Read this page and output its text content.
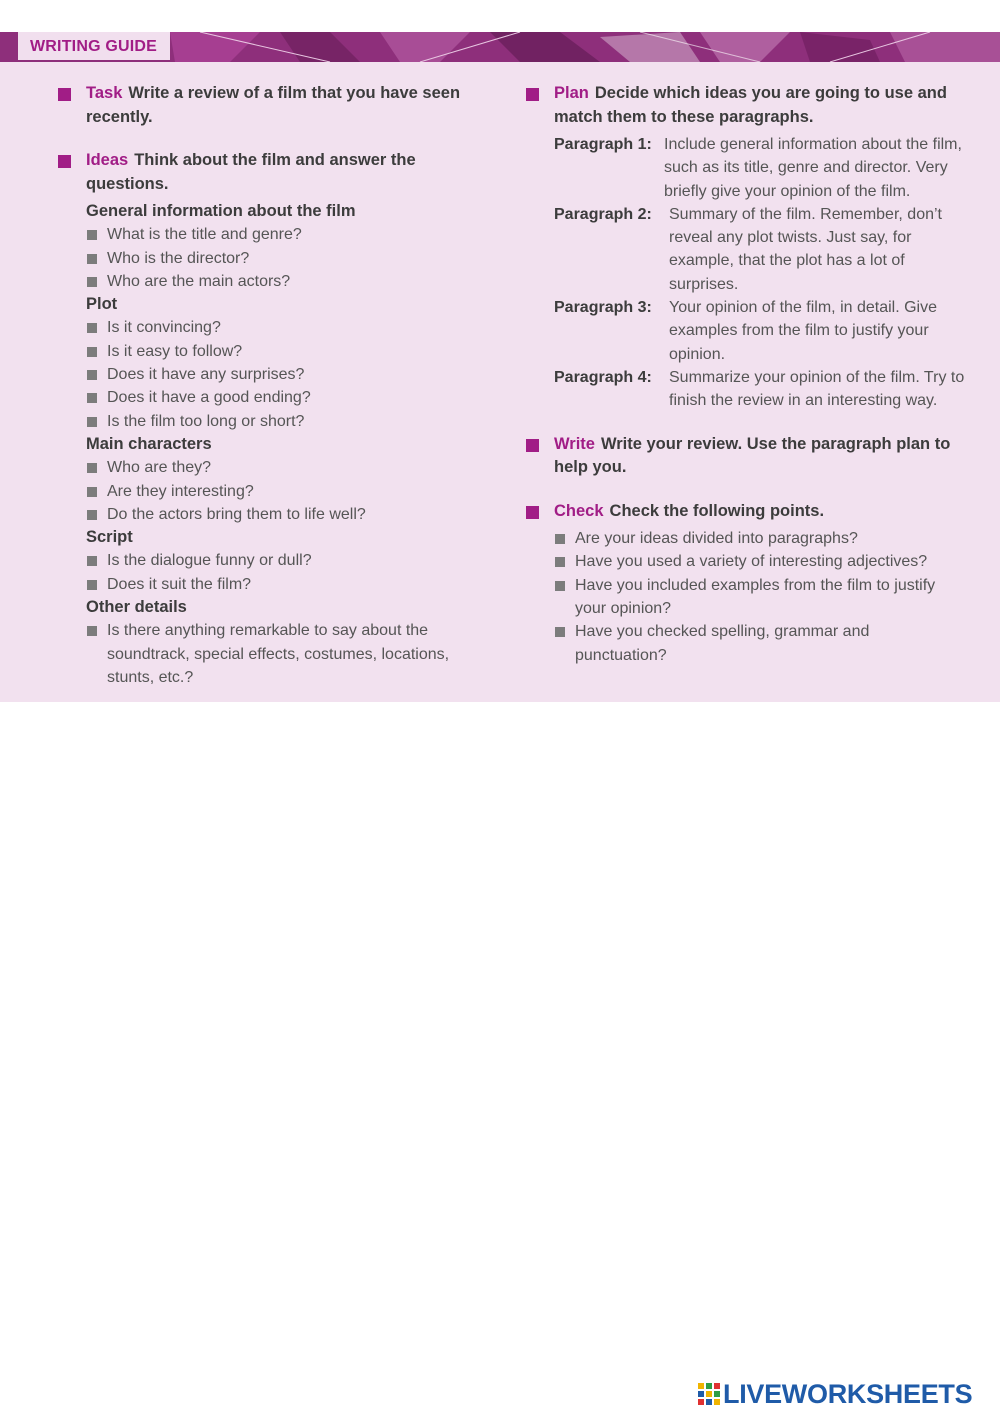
WRITING GUIDE
Task Write a review of a film that you have seen recently.
Ideas Think about the film and answer the questions.
General information about the film
What is the title and genre?
Who is the director?
Who are the main actors?
Plot
Is it convincing?
Is it easy to follow?
Does it have any surprises?
Does it have a good ending?
Is the film too long or short?
Main characters
Who are they?
Are they interesting?
Do the actors bring them to life well?
Script
Is the dialogue funny or dull?
Does it suit the film?
Other details
Is there anything remarkable to say about the soundtrack, special effects, costumes, locations, stunts, etc.?
Plan Decide which ideas you are going to use and match them to these paragraphs.
Paragraph 1: Include general information about the film, such as its title, genre and director. Very briefly give your opinion of the film.
Paragraph 2:	Summary of the film. Remember, don’t reveal any plot twists. Just say, for example, that the plot has a lot of surprises.
Paragraph 3:	Your opinion of the film, in detail. Give examples from the film to justify your opinion.
Paragraph 4:	Summarize your opinion of the film. Try to finish the review in an interesting way.
Write Write your review. Use the paragraph plan to help you.
Check Check the following points.
Are your ideas divided into paragraphs?
Have you used a variety of interesting adjectives?
Have you included examples from the film to justify your opinion?
Have you checked spelling, grammar and punctuation?
LIVEWORKSHEETS
